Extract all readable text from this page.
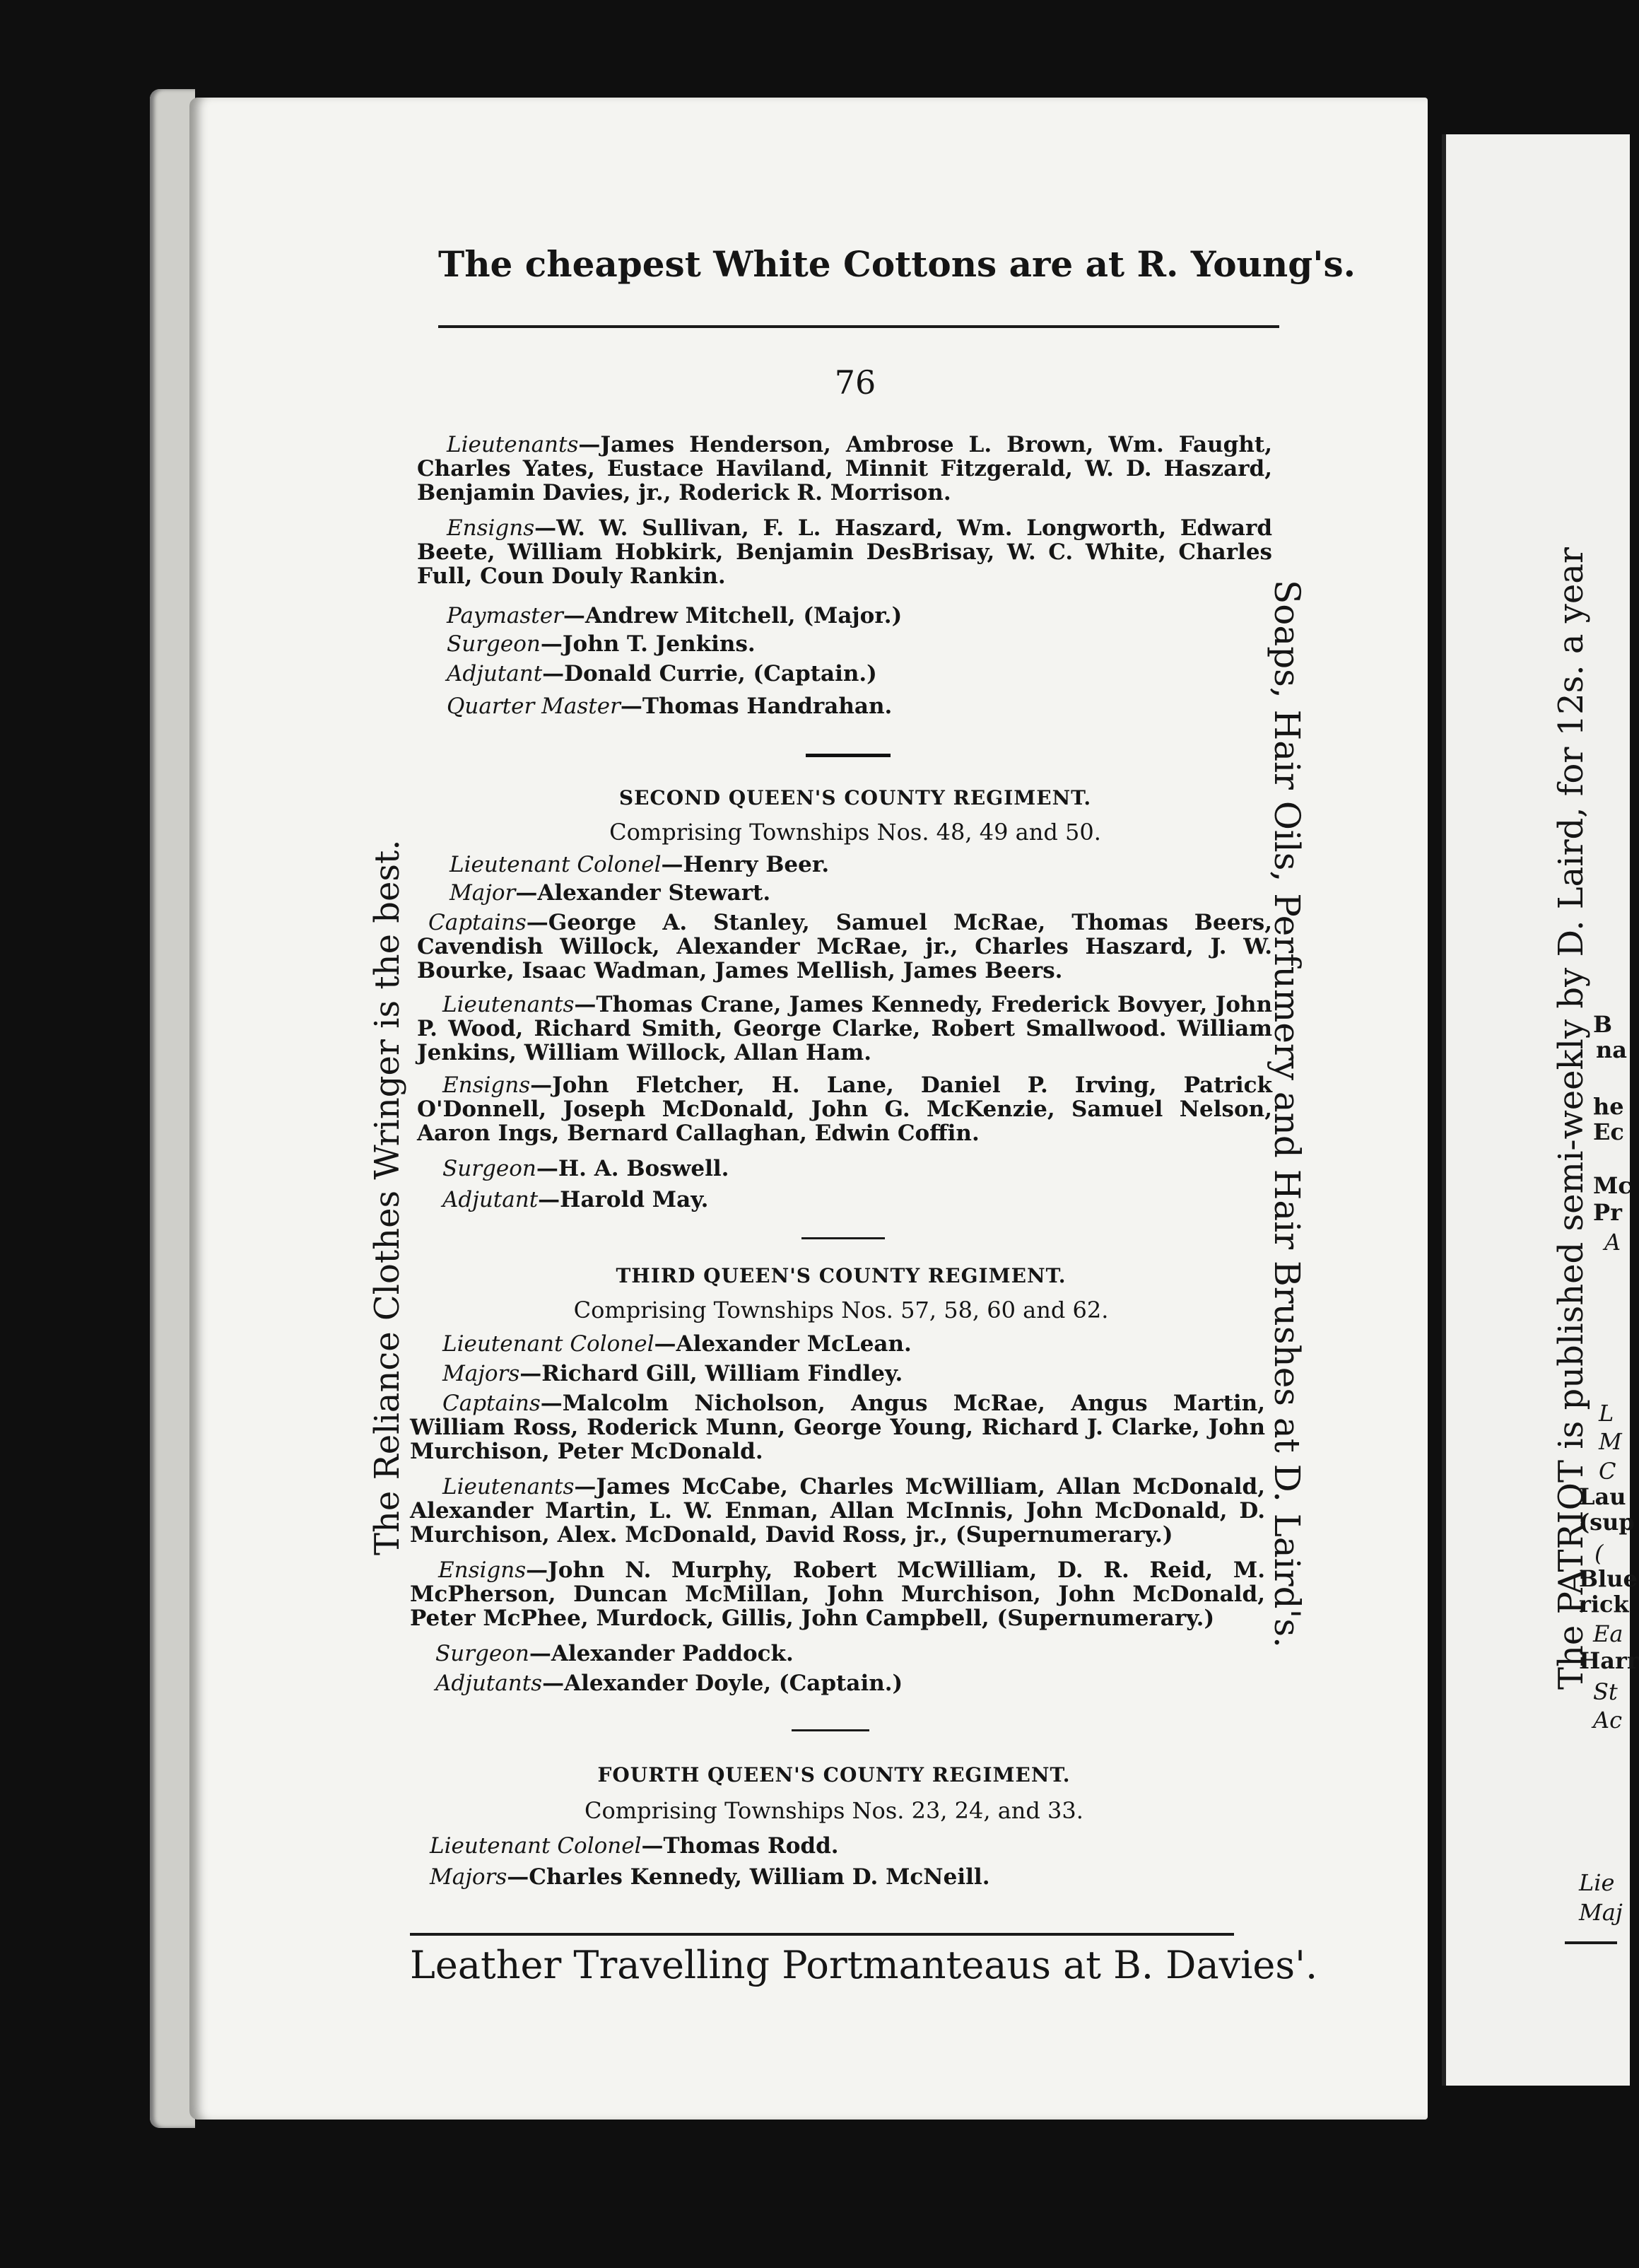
The cheapest White Cottons are at R. Young's.
76
Lieutenants—James Henderson, Ambrose L. Brown, Wm. Faught, Charles Yates, Eustace Haviland, Minnit Fitzgerald, W. D. Haszard, Benjamin Davies, jr., Roderick R. Morrison.
Ensigns—W. W. Sullivan, F. L. Haszard, Wm. Longworth, Edward Beete, William Hobkirk, Benjamin DesBrisay, W. C. White, Charles Full, Coun Douly Rankin.
Paymaster—Andrew Mitchell, (Major.)
Surgeon—John T. Jenkins.
Adjutant—Donald Currie, (Captain.)
Quarter Master—Thomas Handrahan.
SECOND QUEEN'S COUNTY REGIMENT.
Comprising Townships Nos. 48, 49 and 50.
Lieutenant Colonel—Henry Beer.
Major—Alexander Stewart.
Captains—George A. Stanley, Samuel McRae, Thomas Beers, Cavendish Willock, Alexander McRae, jr., Charles Haszard, J. W. Bourke, Isaac Wadman, James Mellish, James Beers.
Lieutenants—Thomas Crane, James Kennedy, Frederick Bovyer, John P. Wood, Richard Smith, George Clarke, Robert Smallwood. William Jenkins, William Willock, Allan Ham.
Ensigns—John Fletcher, H. Lane, Daniel P. Irving, Patrick O'Donnell, Joseph McDonald, John G. McKenzie, Samuel Nelson, Aaron Ings, Bernard Callaghan, Edwin Coffin.
Surgeon—H. A. Boswell.
Adjutant—Harold May.
THIRD QUEEN'S COUNTY REGIMENT.
Comprising Townships Nos. 57, 58, 60 and 62.
Lieutenant Colonel—Alexander McLean.
Majors—Richard Gill, William Findley.
Captains—Malcolm Nicholson, Angus McRae, Angus Martin, William Ross, Roderick Munn, George Young, Richard J. Clarke, John Murchison, Peter McDonald.
Lieutenants—James McCabe, Charles McWilliam, Allan McDonald, Alexander Martin, L. W. Enman, Allan McInnis, John McDonald, D. Murchison, Alex. McDonald, David Ross, jr., (Supernumerary.)
Ensigns—John N. Murphy, Robert McWilliam, D. R. Reid, M. McPherson, Duncan McMillan, John Murchison, John McDonald, Peter McPhee, Murdock, Gillis, John Campbell, (Supernumerary.)
Surgeon—Alexander Paddock.
Adjutants—Alexander Doyle, (Captain.)
FOURTH QUEEN'S COUNTY REGIMENT.
Comprising Townships Nos. 23, 24, and 33.
Lieutenant Colonel—Thomas Rodd.
Majors—Charles Kennedy, William D. McNeill.
Leather Travelling Portmanteaus at B. Davies'.
The Reliance Clothes Wringer is the best.	Soaps, Hair Oils, Perfumery and Hair Brushes at D. Laird's.	The PATRIOT is published semi-weekly by D. Laird, for 12s. a year B
na
he
Ec
Mc
Pr
A
L
M
C
Lau
(sup
(
Blue
rick
Ea
Harr
St
Ac
Lie
Maj
